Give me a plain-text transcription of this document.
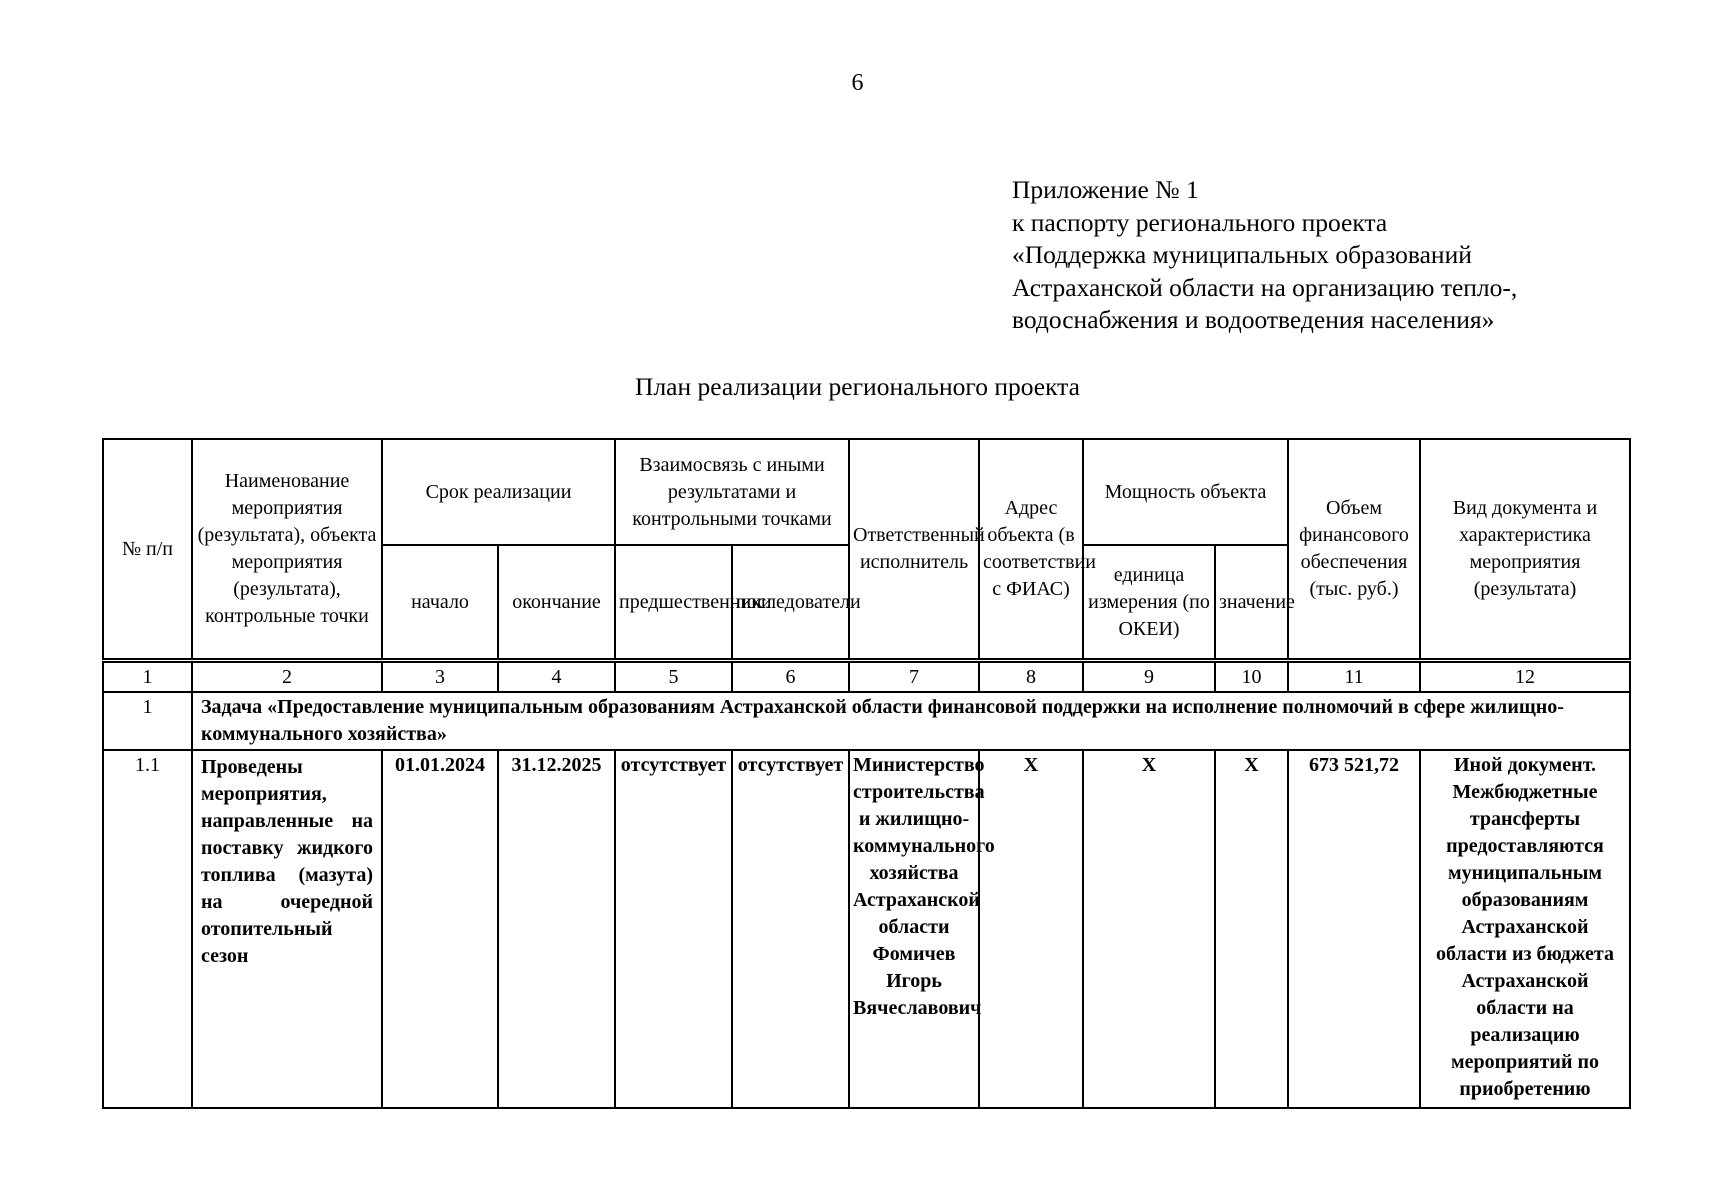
6
Приложение № 1
к паспорту регионального проекта
«Поддержка муниципальных образований
Астраханской области на организацию тепло-,
водоснабжения и водоотведения населения»
План реализации регионального проекта
№ п/п	Наименование мероприятия (результата), объекта мероприятия (результата), контрольные точки	Срок реализации		Взаимосвязь с иными результатами и контрольными точками		Ответственный исполнитель	Адрес объекта (в соответствии с ФИАС)	Мощность объекта		Объем финансового обеспечения (тыс. руб.)	Вид документа и характеристика мероприятия (результата)
		начало	окончание	предшественники	последователи			единица измерения (по ОКЕИ)	значение		
1	2	3	4	5	6	7	8	9	10	11	12
1	Задача «Предоставление муниципальным образованиям Астраханской области финансовой поддержки на исполнение полномочий в сфере жилищно-коммунального хозяйства»										
1.1	Проведены мероприятия, направленные на поставку жидкого топлива (мазута) на очередной отопительный сезон	01.01.2024	31.12.2025	отсутствует	отсутствует	Министерство строительства и жилищно-коммунального хозяйства Астраханской области Фомичев Игорь Вячеславович	Х	Х	Х	673 521,72	Иной документ. Межбюджетные трансферты предоставляются муниципальным образованиям Астраханской области из бюджета Астраханской области на реализацию мероприятий по приобретению
